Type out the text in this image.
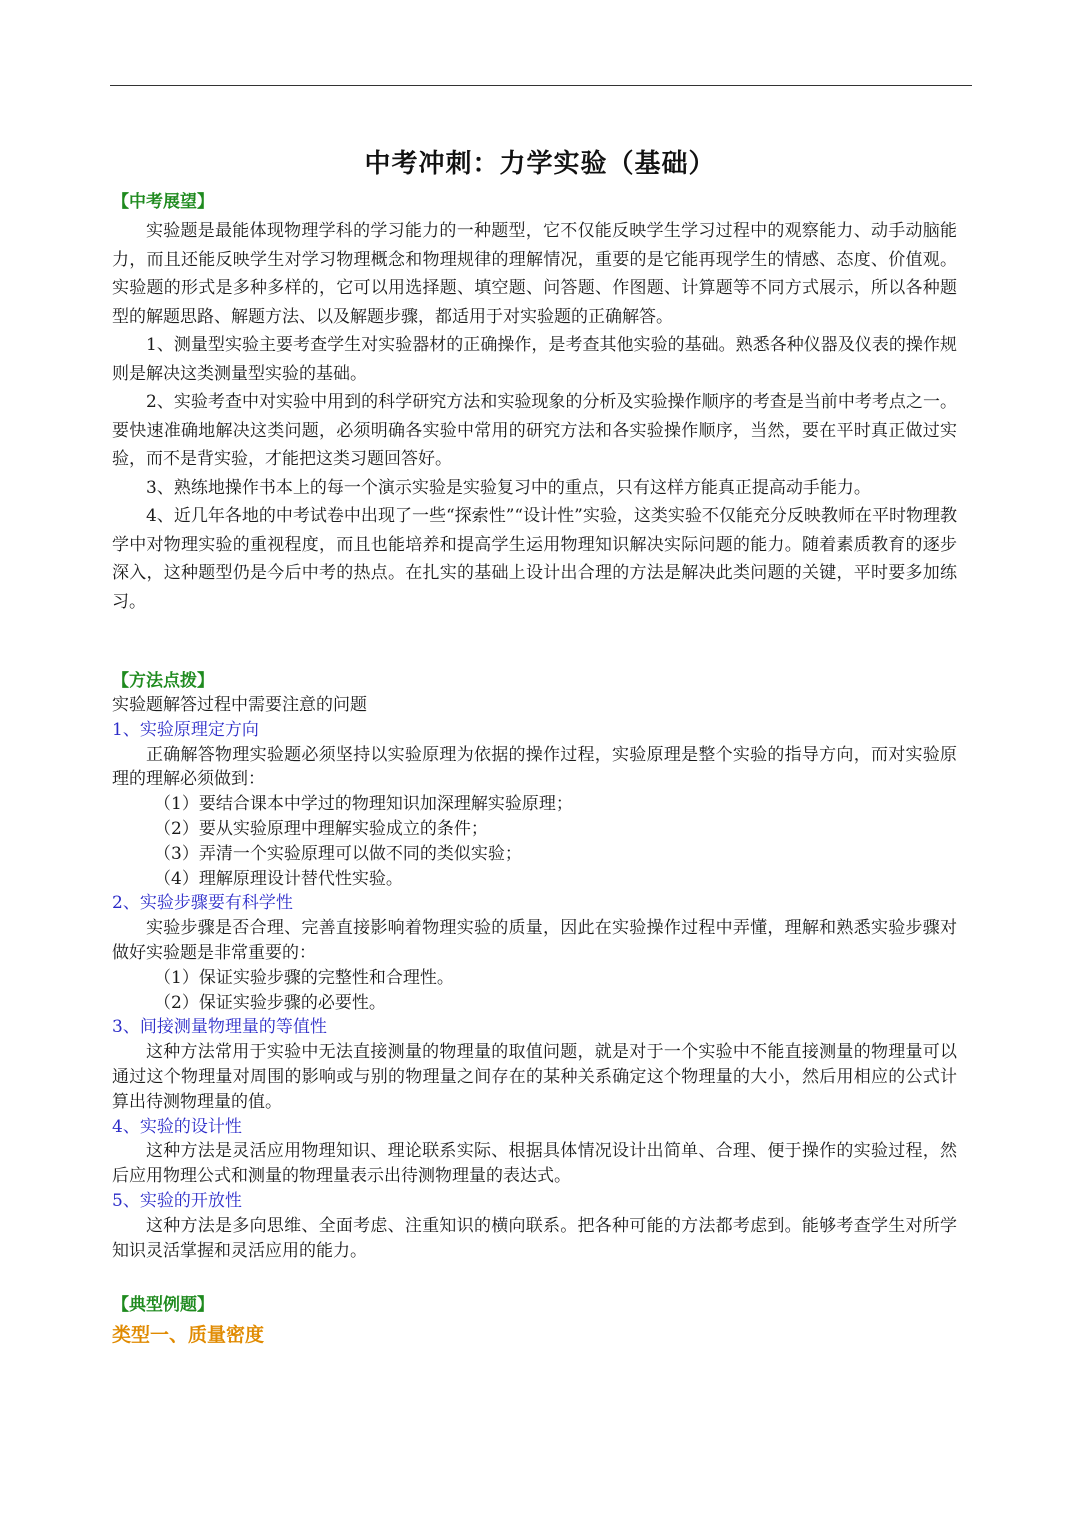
中考冲刺：力学实验（基础）
【中考展望】
实验题是最能体现物理学科的学习能力的一种题型，它不仅能反映学生学习过程中的观察能力、动手动脑能力，而且还能反映学生对学习物理概念和物理规律的理解情况，重要的是它能再现学生的情感、态度、价值观。实验题的形式是多种多样的，它可以用选择题、填空题、问答题、作图题、计算题等不同方式展示，所以各种题型的解题思路、解题方法、以及解题步骤，都适用于对实验题的正确解答。
1、测量型实验主要考查学生对实验器材的正确操作，是考查其他实验的基础。熟悉各种仪器及仪表的操作规则是解决这类测量型实验的基础。
2、实验考查中对实验中用到的科学研究方法和实验现象的分析及实验操作顺序的考查是当前中考考点之一。要快速准确地解决这类问题，必须明确各实验中常用的研究方法和各实验操作顺序，当然，要在平时真正做过实验，而不是背实验，才能把这类习题回答好。
3、熟练地操作书本上的每一个演示实验是实验复习中的重点，只有这样方能真正提高动手能力。
4、近几年各地的中考试卷中出现了一些“探索性”“设计性”实验，这类实验不仅能充分反映教师在平时物理教学中对物理实验的重视程度，而且也能培养和提高学生运用物理知识解决实际问题的能力。随着素质教育的逐步深入，这种题型仍是今后中考的热点。在扎实的基础上设计出合理的方法是解决此类问题的关键，平时要多加练习。
【方法点拨】
实验题解答过程中需要注意的问题
1、实验原理定方向
正确解答物理实验题必须坚持以实验原理为依据的操作过程，实验原理是整个实验的指导方向，而对实验原理的理解必须做到：
（1）要结合课本中学过的物理知识加深理解实验原理；
（2）要从实验原理中理解实验成立的条件；
（3）弄清一个实验原理可以做不同的类似实验；
（4）理解原理设计替代性实验。
2、实验步骤要有科学性
实验步骤是否合理、完善直接影响着物理实验的质量，因此在实验操作过程中弄懂，理解和熟悉实验步骤对做好实验题是非常重要的：
（1）保证实验步骤的完整性和合理性。
（2）保证实验步骤的必要性。
3、间接测量物理量的等值性
这种方法常用于实验中无法直接测量的物理量的取值问题，就是对于一个实验中不能直接测量的物理量可以通过这个物理量对周围的影响或与别的物理量之间存在的某种关系确定这个物理量的大小，然后用相应的公式计算出待测物理量的值。
4、实验的设计性
这种方法是灵活应用物理知识、理论联系实际、根据具体情况设计出简单、合理、便于操作的实验过程，然后应用物理公式和测量的物理量表示出待测物理量的表达式。
5、实验的开放性
这种方法是多向思维、全面考虑、注重知识的横向联系。把各种可能的方法都考虑到。能够考查学生对所学知识灵活掌握和灵活应用的能力。
【典型例题】
类型一、质量密度
